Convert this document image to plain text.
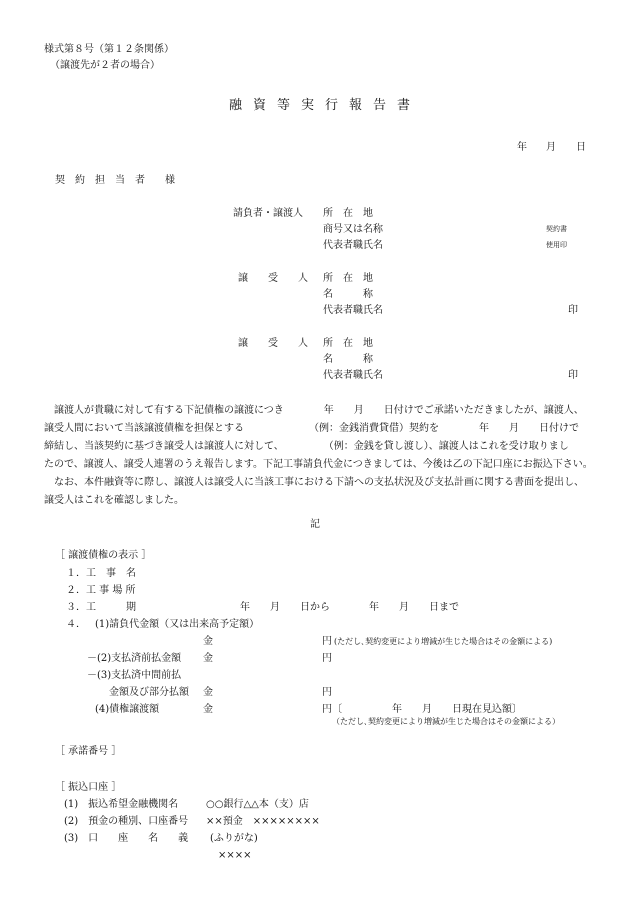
様式第８号（第１２条関係）
（譲渡先が２者の場合）
融資等実行報告書
年 月 日
契　約　担　当　者　　様
請負者・譲渡人 所　在　地
商号又は名称
代表者職氏名
契約書
使用印
譲　　受　　人 所　在　地
名　　　称
代表者職氏名	印
譲　　受　　人 所　在　地
名　　　称
代表者職氏名	印
　譲渡人が貴職に対して有する下記債権の譲渡につき　　　　年　　月　　日付けでご承諾いただきましたが、譲渡人、
譲受人間において当該譲渡債権を担保とする　　　　　　　（例：金銭消費貸借）契約を　　　　年　　月　　日付けで
締結し、当該契約に基づき譲受人は譲渡人に対して、　　　　　（例：金銭を貸し渡し）、譲渡人はこれを受け取りまし
たので、譲渡人、譲受人連署のうえ報告します。下記工事請負代金につきましては、今後は乙の下記口座にお振込下さい。
　なお、本件融資等に際し、譲渡人は譲受人に当該工事における下請への支払状況及び支払計画に関する書面を提出し、
譲受人はこれを確認しました。
記
［ 譲渡債権の表示 ］
１．工　事　名
２．工 事 場 所
３．工　　　期	年　　月　　日から	年　　月　　日まで
４． (1)請負代金額（又は出来高予定額）
金	円 (ただし､契約変更により増減が生じた場合はその金額による)
－(2)支払済前払金額 金	円
－(3)支払済中間前払
金額及び部分払額 金	円
(4)債権譲渡額	金	円〔　　　　　年　　月　　日現在見込額〕
（ただし､契約変更により増減が生じた場合はその金額による）
［ 承諾番号 ］
［ 振込口座 ］
(1)　振込希望金融機関名	○○銀行△△本（支）店
(2)　預金の種別、口座番号 ××預金　××××××××
(3)　口　　座　　名　　義 (ふりがな)
××××
